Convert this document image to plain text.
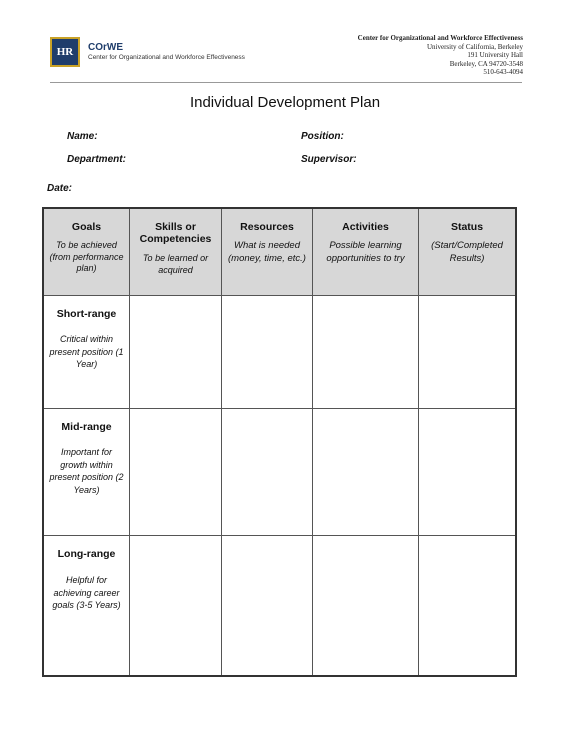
HR COrWE
Center for Organizational and Workforce Effectiveness
Center for Organizational and Workforce Effectiveness
University of California, Berkeley
191 University Hall
Berkeley, CA 94720-3548
510-643-4094
Individual Development Plan
Name:	Position:
Department:	Supervisor:
Date:
Goals
To be achieved (from performance plan)
Skills or Competencies
To be learned or acquired
Resources
What is needed (money, time, etc.)
Activities
Possible learning opportunities to try
Status
(Start/Completed Results)
Short-range
Critical within present position (1 Year)
Mid-range
Important for growth within present position (2 Years)
Long-range
Helpful for achieving career goals (3-5 Years)
